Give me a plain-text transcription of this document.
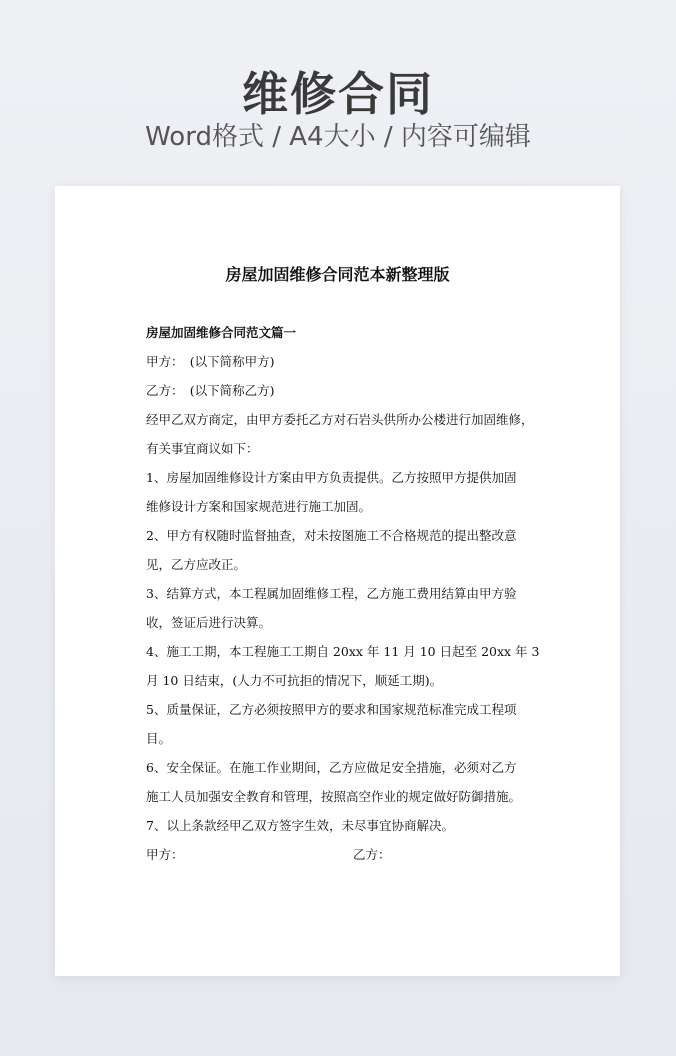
维修合同
Word格式 / A4大小 / 内容可编辑
房屋加固维修合同范本新整理版
房屋加固维修合同范文篇一
甲方：　(以下简称甲方)
乙方：　(以下简称乙方)
经甲乙双方商定，由甲方委托乙方对石岩头供所办公楼进行加固维修，
有关事宜商议如下：
1、房屋加固维修设计方案由甲方负责提供。乙方按照甲方提供加固
维修设计方案和国家规范进行施工加固。
2、甲方有权随时监督抽查，对未按图施工不合格规范的提出整改意
见，乙方应改正。
3、结算方式，本工程属加固维修工程，乙方施工费用结算由甲方验
收，签证后进行决算。
4、施工工期，本工程施工工期自 20xx 年 11 月 10 日起至 20xx 年 3
月 10 日结束，(人力不可抗拒的情况下，顺延工期)。
5、质量保证，乙方必须按照甲方的要求和国家规范标准完成工程项
目。
6、安全保证。在施工作业期间，乙方应做足安全措施，必须对乙方
施工人员加强安全教育和管理，按照高空作业的规定做好防御措施。
7、以上条款经甲乙双方签字生效，未尽事宜协商解决。
甲方：	乙方：
